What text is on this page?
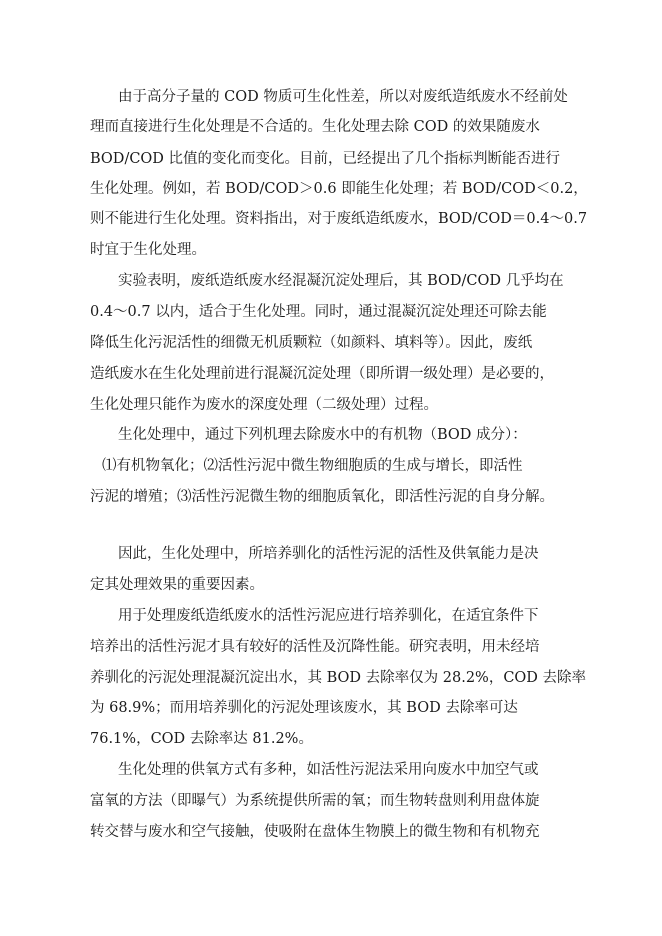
由于高分子量的 COD 物质可生化性差，所以对废纸造纸废水不经前处
理而直接进行生化处理是不合适的。生化处理去除 COD 的效果随废水
BOD/COD 比值的变化而变化。目前，已经提出了几个指标判断能否进行
生化处理。例如，若 BOD/COD＞0.6 即能生化处理；若 BOD/COD＜0.2，
则不能进行生化处理。资料指出，对于废纸造纸废水，BOD/COD＝0.4～0.7
时宜于生化处理。
实验表明，废纸造纸废水经混凝沉淀处理后，其 BOD/COD 几乎均在
0.4～0.7 以内，适合于生化处理。同时，通过混凝沉淀处理还可除去能
降低生化污泥活性的细微无机质颗粒（如颜料、填料等）。因此，废纸
造纸废水在生化处理前进行混凝沉淀处理（即所谓一级处理）是必要的，
生化处理只能作为废水的深度处理（二级处理）过程。
生化处理中，通过下列机理去除废水中的有机物（BOD 成分）：
⑴有机物氧化；⑵活性污泥中微生物细胞质的生成与增长，即活性
污泥的增殖；⑶活性污泥微生物的细胞质氧化，即活性污泥的自身分解。
因此，生化处理中，所培养驯化的活性污泥的活性及供氧能力是决
定其处理效果的重要因素。
用于处理废纸造纸废水的活性污泥应进行培养驯化，在适宜条件下
培养出的活性污泥才具有较好的活性及沉降性能。研究表明，用未经培
养驯化的污泥处理混凝沉淀出水，其 BOD 去除率仅为 28.2%，COD 去除率
为 68.9%；而用培养驯化的污泥处理该废水，其 BOD 去除率可达
76.1%，COD 去除率达 81.2%。
生化处理的供氧方式有多种，如活性污泥法采用向废水中加空气或
富氧的方法（即曝气）为系统提供所需的氧；而生物转盘则利用盘体旋
转交替与废水和空气接触，使吸附在盘体生物膜上的微生物和有机物充
